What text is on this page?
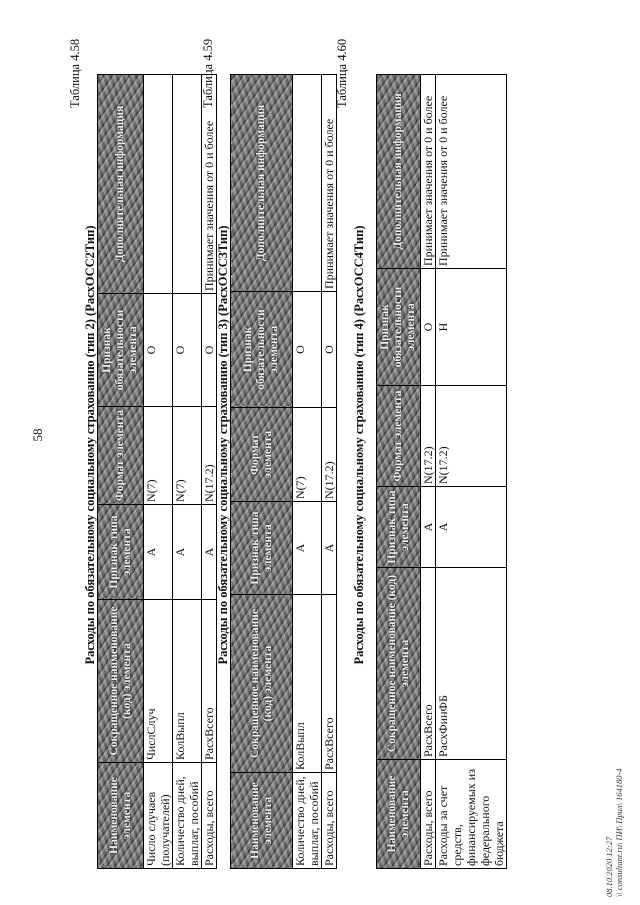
58
Таблица 4.58
Расходы по обязательному социальному страхованию (тип 2) (РасхОСС2Тип)
Наименование элемента	Сокращенное наименование (код) элемента	Признак типа элемента	Формат элемента	Признак обязательности элемента	Дополнительная информация
Число случаев (получателей)	ЧислСлуч	А	N(7)	О	
Количество дней, выплат, пособий	КолВыпл	А	N(7)	О	
Расходы, всего	РасхВсего	А	N(17.2)	О	Принимает значения от 0 и более
Таблица 4.59
Расходы по обязательному социальному страхованию (тип 3) (РасхОСС3Тип)
Наименование элемента	Сокращенное наименование (код) элемента	Признак типа элемента	Формат элемента	Признак обязательности элемента	Дополнительная информация
Количество дней, выплат, пособий	КолВыпл	А	N(7)	О	
Расходы, всего	РасхВсего	А	N(17.2)	О	Принимает значения от 0 и более
Таблица 4.60
Расходы по обязательному социальному страхованию (тип 4) (РасхОСС4Тип)
Наименование элемента	Сокращенное наименование (код) элемента	Признак типа элемента	Формат элемента	Признак обязательности элемента	Дополнительная информация
Расходы, всего	РасхВсего	А	N(17.2)	О	Принимает значения от 0 и более
Расходы за счет средств, финансируемых из федерального бюджета	РасхФинФБ	А	N(17.2)	Н	Принимает значения от 0 и более
08.10.2020 12:27 \\ consultant.ru\ ПИ\ Прил\ 164180-4
